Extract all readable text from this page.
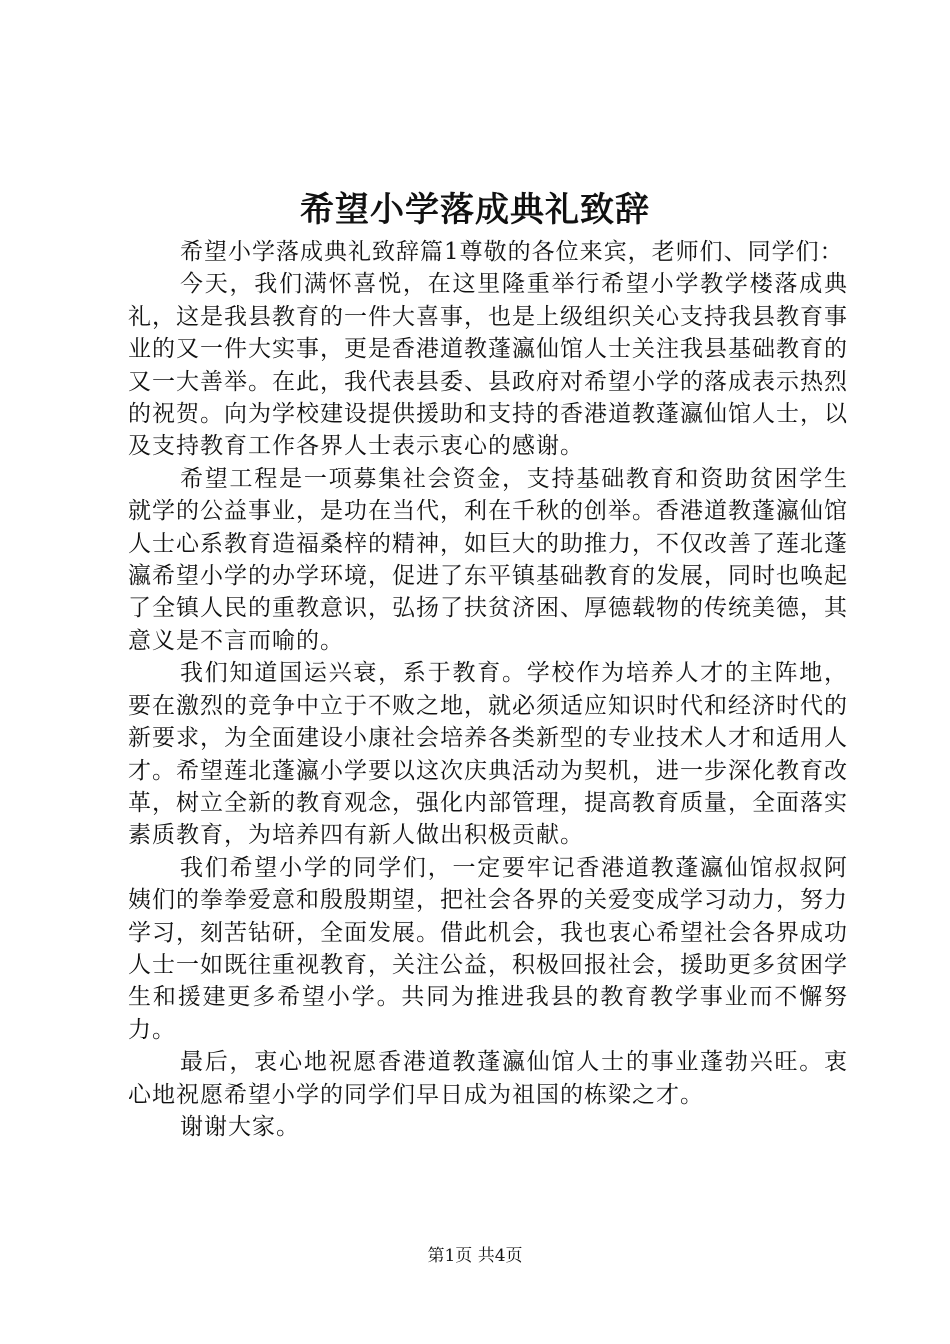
希望小学落成典礼致辞

希望小学落成典礼致辞篇1尊敬的各位来宾，老师们、同学们：

今天，我们满怀喜悦，在这里隆重举行希望小学教学楼落成典礼，这是我县教育的一件大喜事，也是上级组织关心支持我县教育事业的又一件大实事，更是香港道教蓬瀛仙馆人士关注我县基础教育的又一大善举。在此，我代表县委、县政府对希望小学的落成表示热烈的祝贺。向为学校建设提供援助和支持的香港道教蓬瀛仙馆人士，以及支持教育工作各界人士表示衷心的感谢。

希望工程是一项募集社会资金，支持基础教育和资助贫困学生就学的公益事业，是功在当代，利在千秋的创举。香港道教蓬瀛仙馆人士心系教育造福桑梓的精神，如巨大的助推力，不仅改善了莲北蓬瀛希望小学的办学环境，促进了东平镇基础教育的发展，同时也唤起了全镇人民的重教意识，弘扬了扶贫济困、厚德载物的传统美德，其意义是不言而喻的。

我们知道国运兴衰，系于教育。学校作为培养人才的主阵地，要在激烈的竞争中立于不败之地，就必须适应知识时代和经济时代的新要求，为全面建设小康社会培养各类新型的专业技术人才和适用人才。希望莲北蓬瀛小学要以这次庆典活动为契机，进一步深化教育改革，树立全新的教育观念，强化内部管理，提高教育质量，全面落实素质教育，为培养四有新人做出积极贡献。

我们希望小学的同学们，一定要牢记香港道教蓬瀛仙馆叔叔阿姨们的拳拳爱意和殷殷期望，把社会各界的关爱变成学习动力，努力学习，刻苦钻研，全面发展。借此机会，我也衷心希望社会各界成功人士一如既往重视教育，关注公益，积极回报社会，援助更多贫困学生和援建更多希望小学。共同为推进我县的教育教学事业而不懈努力。

最后，衷心地祝愿香港道教蓬瀛仙馆人士的事业蓬勃兴旺。衷心地祝愿希望小学的同学们早日成为祖国的栋梁之才。

谢谢大家。

第1页 共4页
